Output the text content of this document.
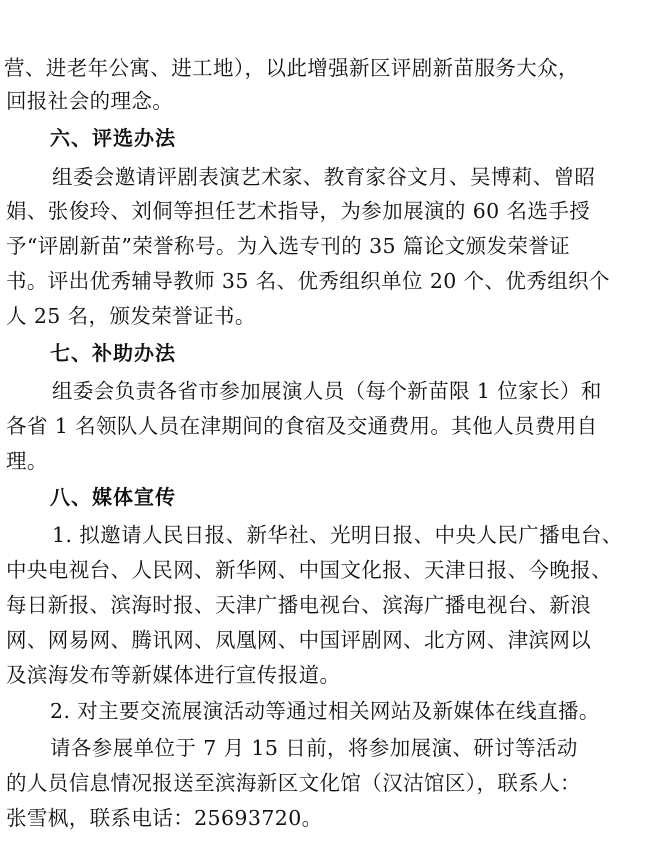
营、进老年公寓、进工地），以此增强新区评剧新苗服务大众，
回报社会的理念。
六、评选办法
组委会邀请评剧表演艺术家、教育家谷文月、吴博莉、曾昭
娟、张俊玲、刘侗等担任艺术指导，为参加展演的 60 名选手授
予“评剧新苗”荣誉称号。为入选专刊的 35 篇论文颁发荣誉证
书。评出优秀辅导教师 35 名、优秀组织单位 20 个、优秀组织个
人 25 名，颁发荣誉证书。
七、补助办法
组委会负责各省市参加展演人员（每个新苗限 1 位家长）和
各省 1 名领队人员在津期间的食宿及交通费用。其他人员费用自
理。
八、媒体宣传
1. 拟邀请人民日报、新华社、光明日报、中央人民广播电台、
中央电视台、人民网、新华网、中国文化报、天津日报、今晚报、
每日新报、滨海时报、天津广播电视台、滨海广播电视台、新浪
网、网易网、腾讯网、凤凰网、中国评剧网、北方网、津滨网以
及滨海发布等新媒体进行宣传报道。
2. 对主要交流展演活动等通过相关网站及新媒体在线直播。
请各参展单位于 7 月 15 日前，将参加展演、研讨等活动
的人员信息情况报送至滨海新区文化馆（汉沽馆区），联系人：
张雪枫，联系电话：25693720。
